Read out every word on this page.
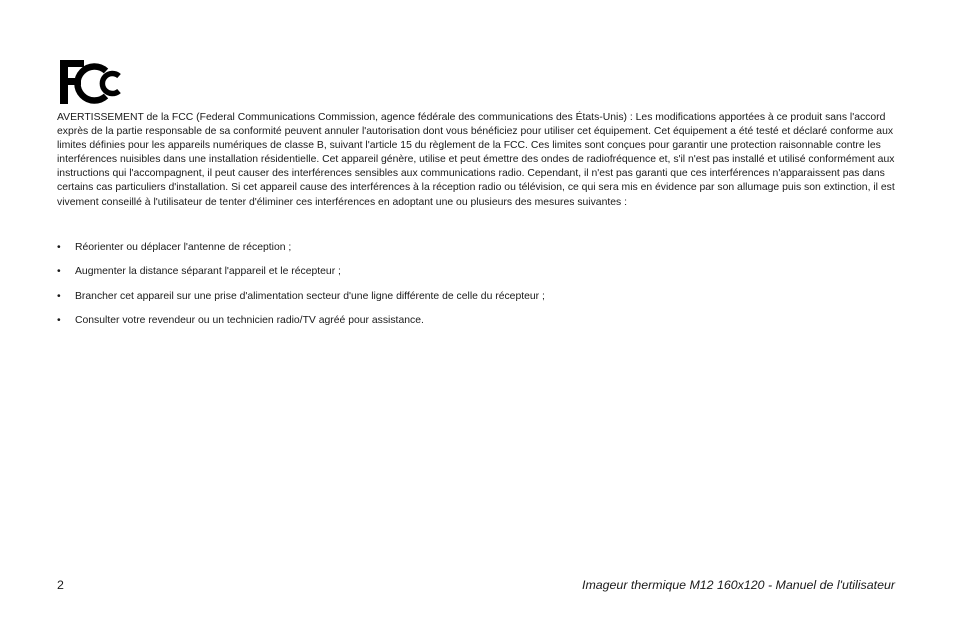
AVERTISSEMENT de la FCC (Federal Communications Commission, agence fédérale des communications des États-Unis) : Les modifications apportées à ce produit sans l'accord exprès de la partie responsable de sa conformité peuvent annuler l'autorisation dont vous bénéficiez pour utiliser cet équipement. Cet équipement a été testé et déclaré conforme aux limites définies pour les appareils numériques de classe B, suivant l'article 15 du règlement de la FCC. Ces limites sont conçues pour garantir une protection raisonnable contre les interférences nuisibles dans une installation résidentielle. Cet appareil génère, utilise et peut émettre des ondes de radiofréquence et, s'il n'est pas installé et utilisé conformément aux instructions qui l'accompagnent, il peut causer des interférences sensibles aux communications radio. Cependant, il n'est pas garanti que ces interférences n'apparaissent pas dans certains cas particuliers d'installation. Si cet appareil cause des interférences à la réception radio ou télévision, ce qui sera mis en évidence par son allumage puis son extinction, il est vivement conseillé à l'utilisateur de tenter d'éliminer ces interférences en adoptant une ou plusieurs des mesures suivantes :

•	Réorienter ou déplacer l'antenne de réception ;
•	Augmenter la distance séparant l'appareil et le récepteur ;
•	Brancher cet appareil sur une prise d'alimentation secteur d'une ligne différente de celle du récepteur ;
•	Consulter votre revendeur ou un technicien radio/TV agréé pour assistance.
2	Imageur thermique M12 160x120 - Manuel de l'utilisateur
